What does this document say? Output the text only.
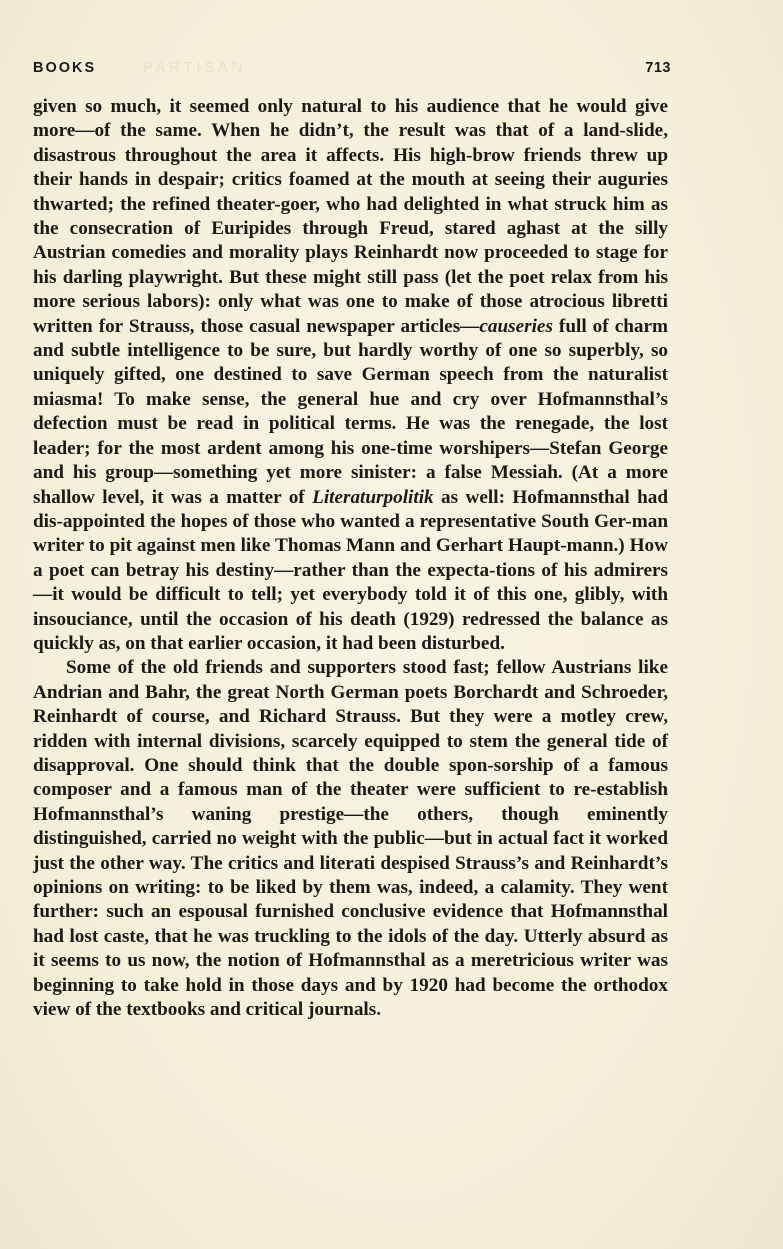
BOOKS	PARTISAN	713

given so much, it seemed only natural to his audience that he would give more—of the same. When he didn’t, the result was that of a land-slide, disastrous throughout the area it affects. His high-brow friends threw up their hands in despair; critics foamed at the mouth at seeing their auguries thwarted; the refined theater-goer, who had delighted in what struck him as the consecration of Euripides through Freud, stared aghast at the silly Austrian comedies and morality plays Reinhardt now proceeded to stage for his darling playwright. But these might still pass (let the poet relax from his more serious labors): only what was one to make of those atrocious libretti written for Strauss, those casual newspaper articles—causeries full of charm and subtle intelligence to be sure, but hardly worthy of one so superbly, so uniquely gifted, one destined to save German speech from the naturalist miasma! To make sense, the general hue and cry over Hofmannsthal’s defection must be read in political terms. He was the renegade, the lost leader; for the most ardent among his one-time worshipers—Stefan George and his group—something yet more sinister: a false Messiah. (At a more shallow level, it was a matter of Literaturpolitik as well: Hofmannsthal had dis-appointed the hopes of those who wanted a representative South Ger-man writer to pit against men like Thomas Mann and Gerhart Haupt-mann.) How a poet can betray his destiny—rather than the expecta-tions of his admirers—it would be difficult to tell; yet everybody told it of this one, glibly, with insouciance, until the occasion of his death (1929) redressed the balance as quickly as, on that earlier occasion, it had been disturbed.

Some of the old friends and supporters stood fast; fellow Austrians like Andrian and Bahr, the great North German poets Borchardt and Schroeder, Reinhardt of course, and Richard Strauss. But they were a motley crew, ridden with internal divisions, scarcely equipped to stem the general tide of disapproval. One should think that the double spon-sorship of a famous composer and a famous man of the theater were sufficient to re-establish Hofmannsthal’s waning prestige—the others, though eminently distinguished, carried no weight with the public—but in actual fact it worked just the other way. The critics and literati despised Strauss’s and Reinhardt’s opinions on writing: to be liked by them was, indeed, a calamity. They went further: such an espousal furnished conclusive evidence that Hofmannsthal had lost caste, that he was truckling to the idols of the day. Utterly absurd as it seems to us now, the notion of Hofmannsthal as a meretricious writer was beginning to take hold in those days and by 1920 had become the orthodox view of the textbooks and critical journals.
